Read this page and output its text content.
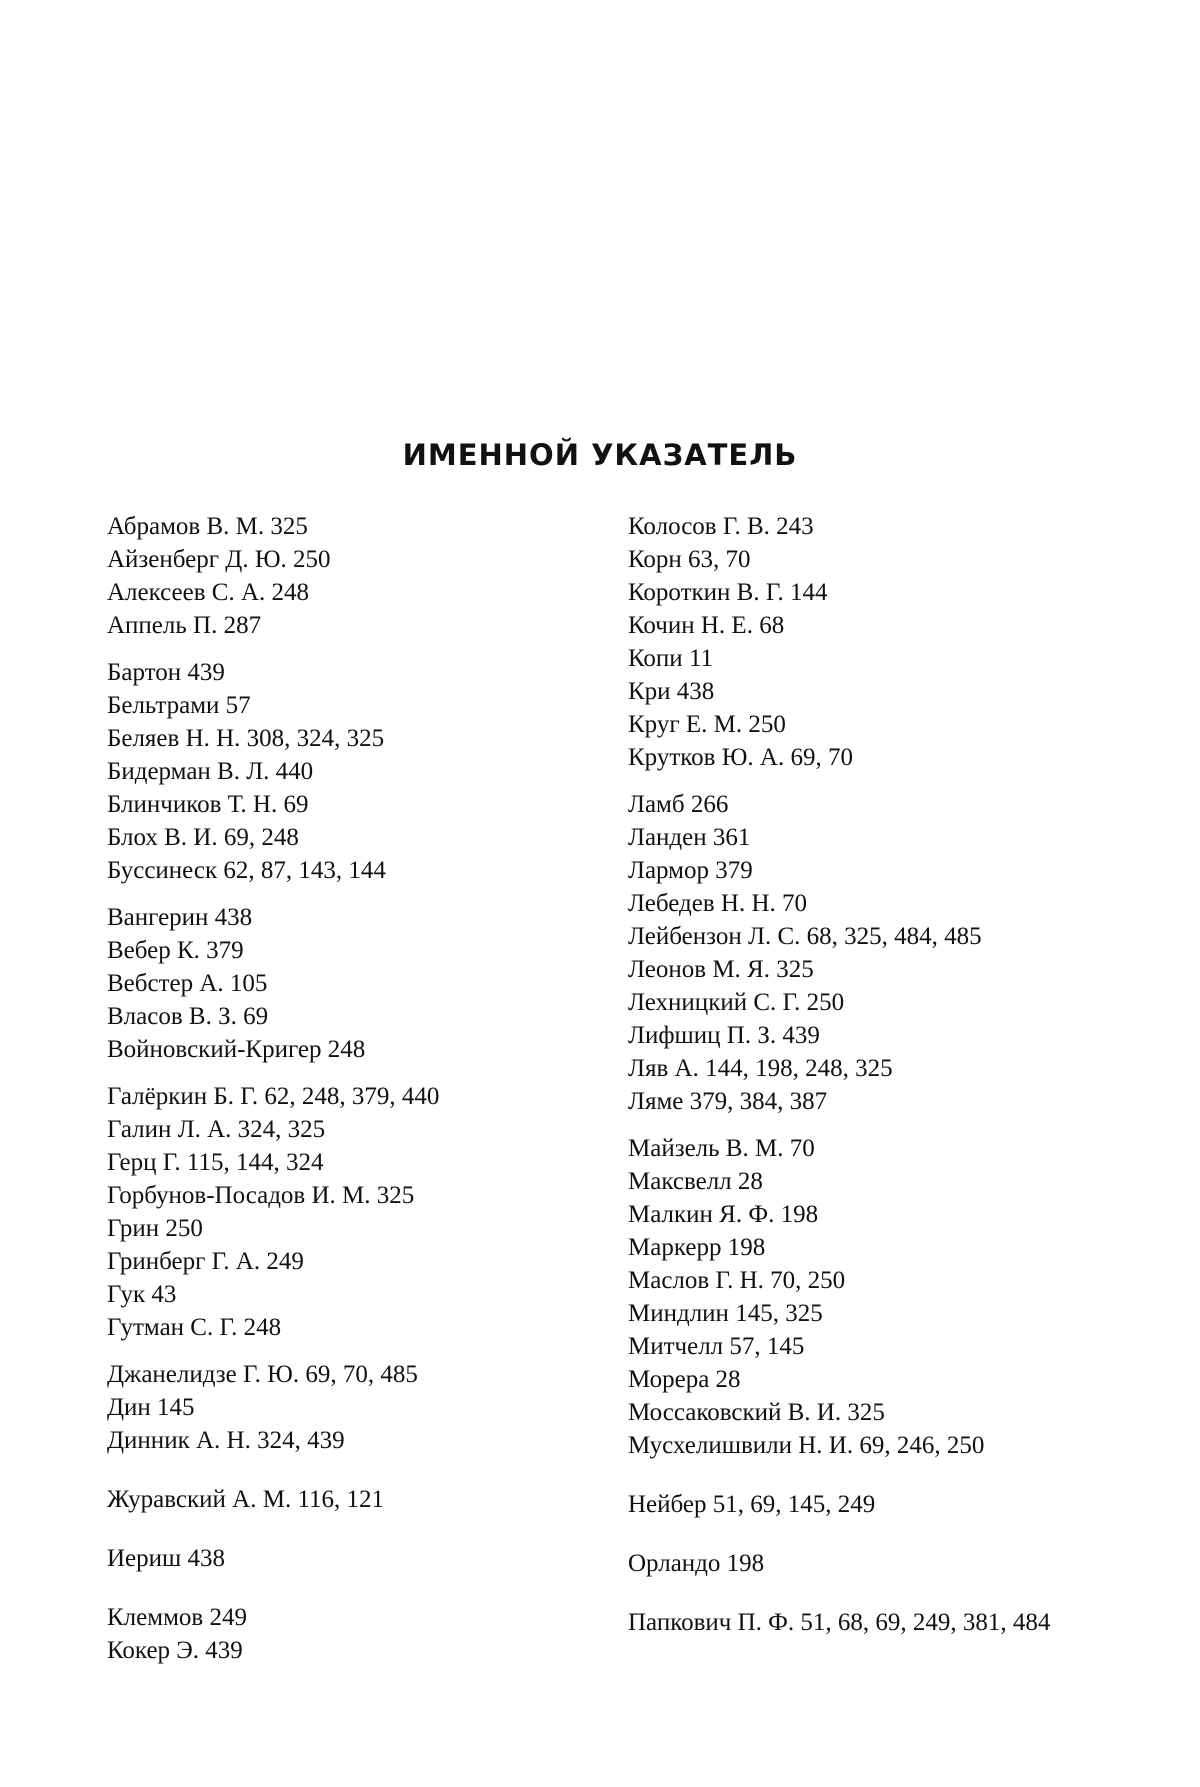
ИМЕННОЙ УКАЗАТЕЛЬ
Абрамов В. М. 325
Айзенберг Д. Ю. 250
Алексеев С. А. 248
Аппель П. 287
Бартон 439
Бельтрами 57
Беляев Н. Н. 308, 324, 325
Бидерман В. Л. 440
Блинчиков Т. Н. 69
Блох В. И. 69, 248
Буссинеск 62, 87, 143, 144
Вангерин 438
Вебер К. 379
Вебстер А. 105
Власов В. З. 69
Войновский-Кригер 248
Галёркин Б. Г. 62, 248, 379, 440
Галин Л. А. 324, 325
Герц Г. 115, 144, 324
Горбунов-Посадов И. М. 325
Грин 250
Гринберг Г. А. 249
Гук 43
Гутман С. Г. 248
Джанелидзе Г. Ю. 69, 70, 485
Дин 145
Динник А. Н. 324, 439
Журавский А. М. 116, 121
Иериш 438
Клеммов 249
Кокер Э. 439
Колосов Г. В. 243
Корн 63, 70
Короткин В. Г. 144
Кочин Н. Е. 68
Копи 11
Кри 438
Круг Е. М. 250
Крутков Ю. А. 69, 70
Ламб 266
Ланден 361
Лармор 379
Лебедев Н. Н. 70
Лейбензон Л. С. 68, 325, 484, 485
Леонов М. Я. 325
Лехницкий С. Г. 250
Лифшиц П. З. 439
Ляв А. 144, 198, 248, 325
Ляме 379, 384, 387
Майзель В. М. 70
Максвелл 28
Малкин Я. Ф. 198
Маркерр 198
Маслов Г. Н. 70, 250
Миндлин 145, 325
Митчелл 57, 145
Морера 28
Моссаковский В. И. 325
Мусхелишвили Н. И. 69, 246, 250
Нейбер 51, 69, 145, 249
Орландо 198
Папкович П. Ф. 51, 68, 69, 249, 381, 484
